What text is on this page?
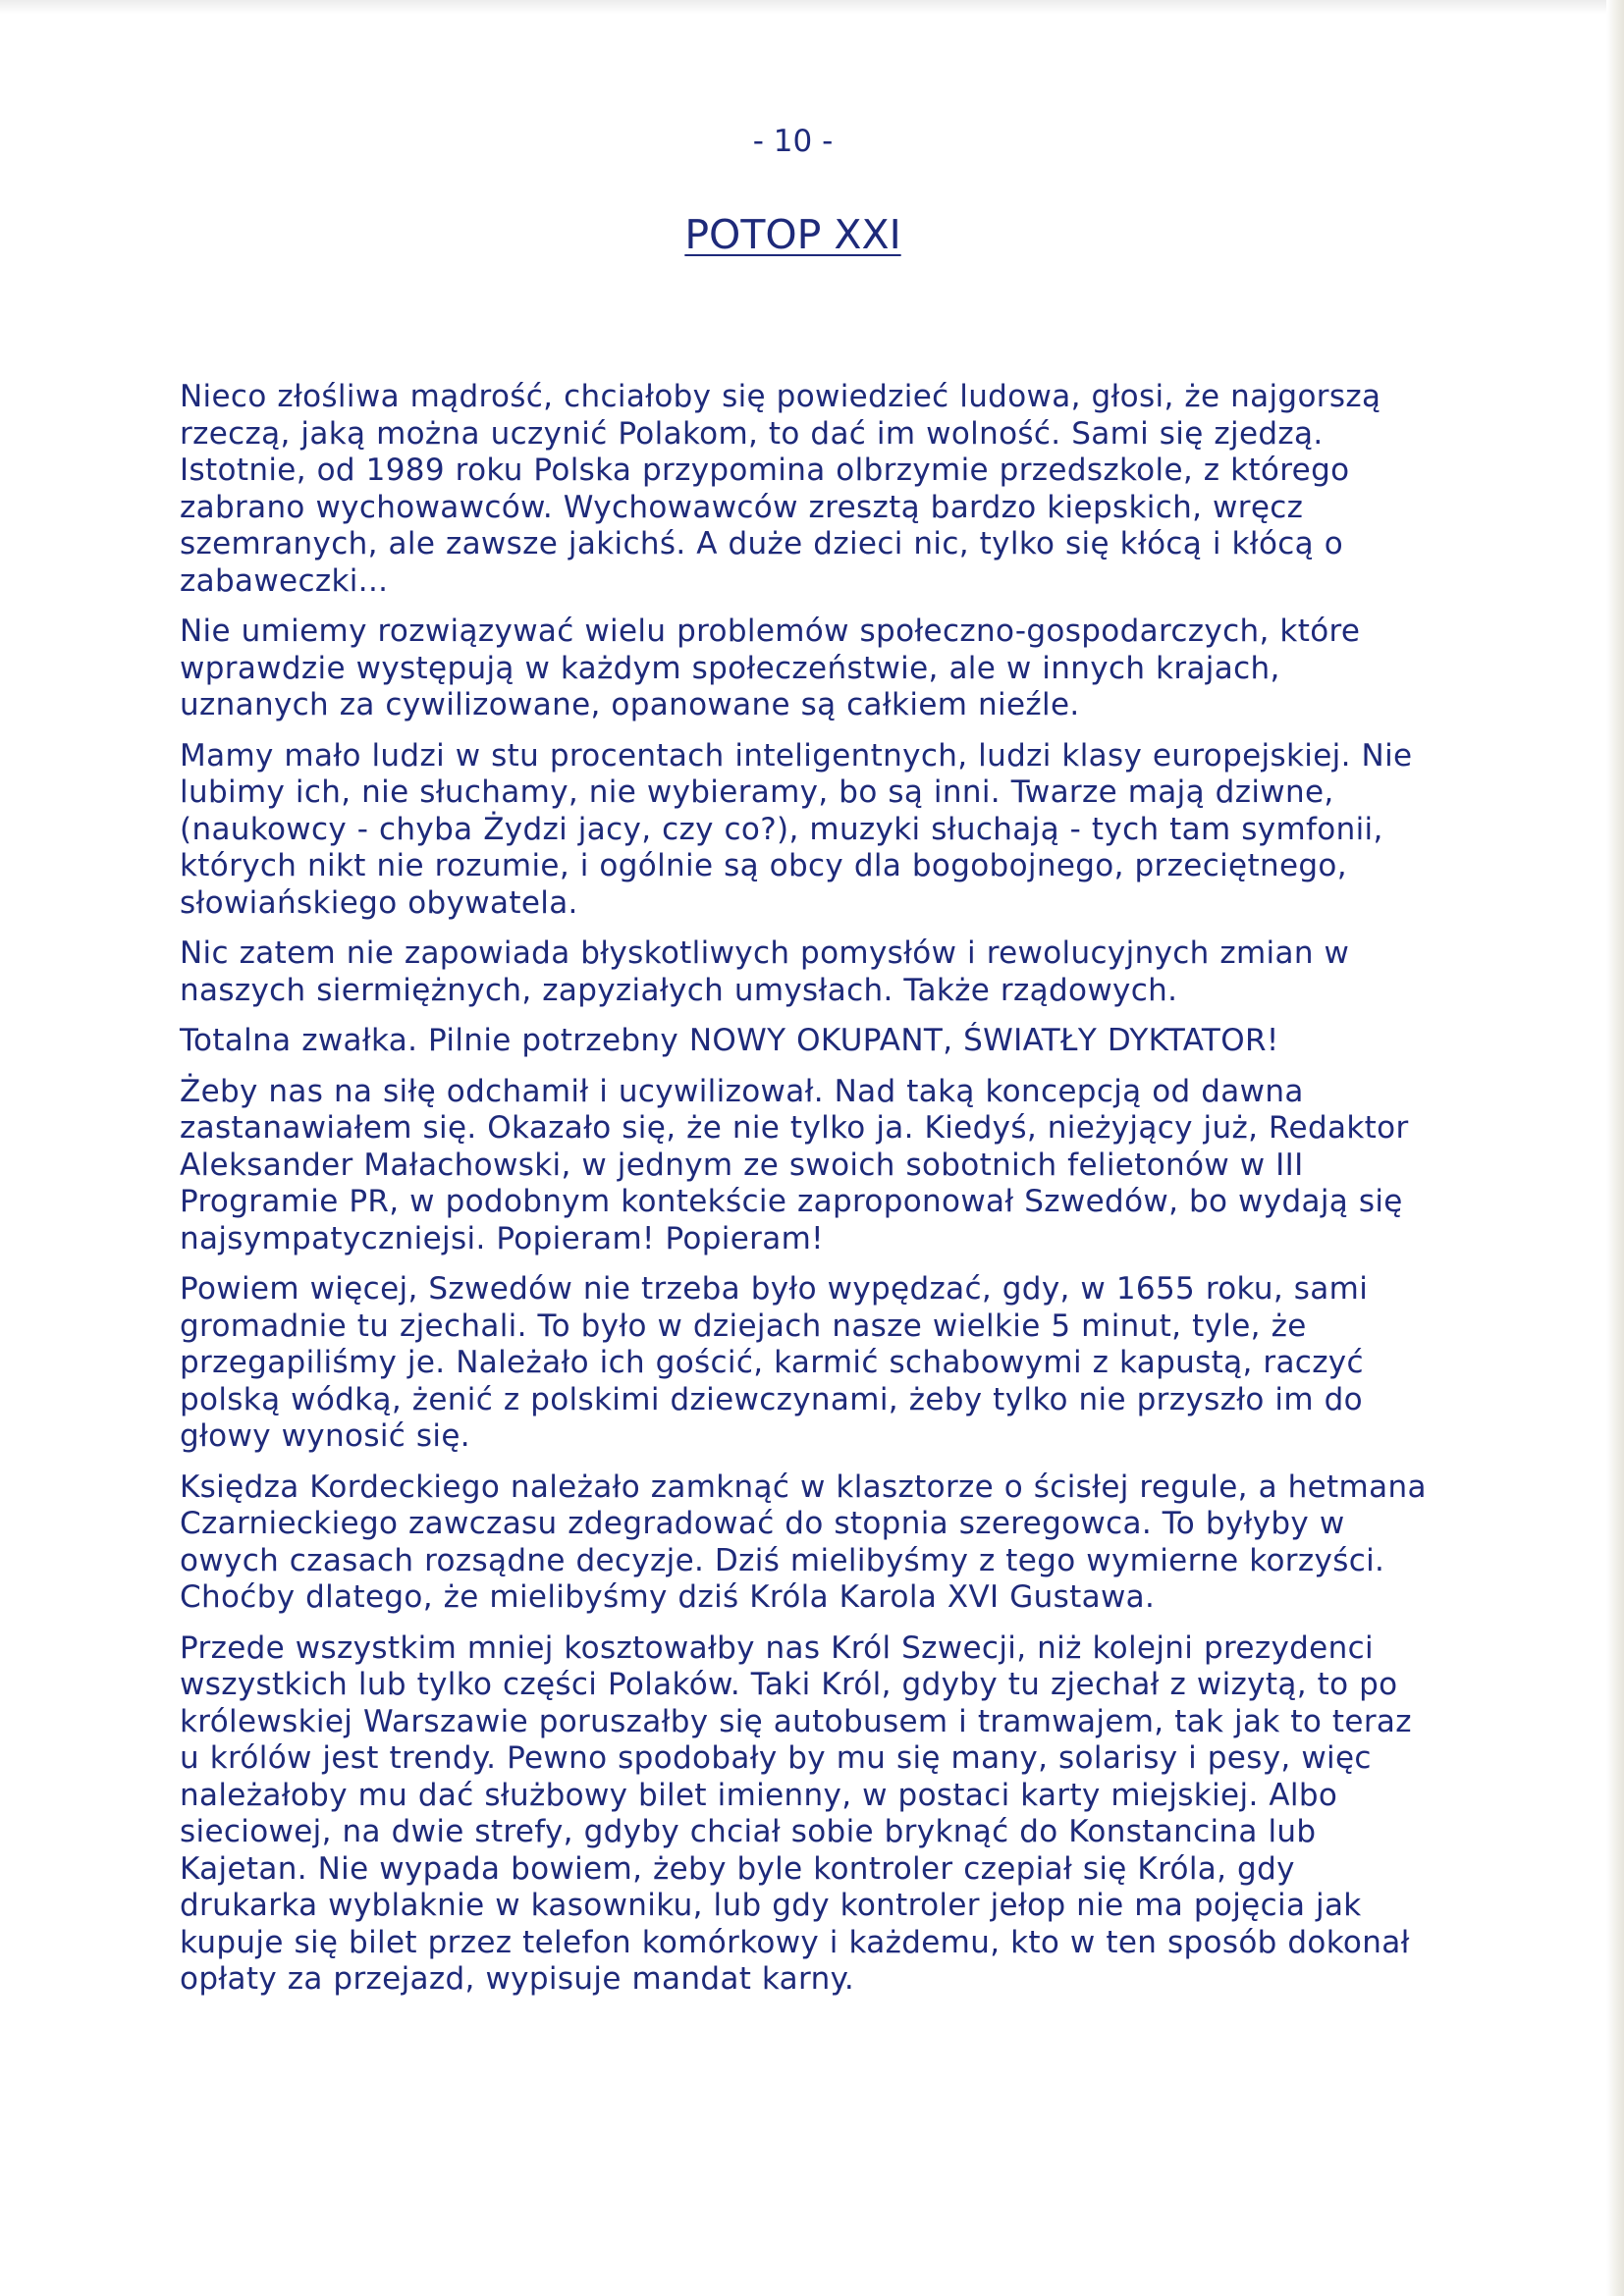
- 10 -
POTOP XXI

Nieco złośliwa mądrość, chciałoby się powiedzieć ludowa, głosi, że najgorszą rzeczą, jaką można uczynić Polakom, to dać im wolność. Sami się zjedzą. Istotnie, od 1989 roku Polska przypomina olbrzymie przedszkole, z którego zabrano wychowawców. Wychowawców zresztą bardzo kiepskich, wręcz szemranych, ale zawsze jakichś. A duże dzieci nic, tylko się kłócą i kłócą o zabaweczki...

Nie umiemy rozwiązywać wielu problemów społeczno-gospodarczych, które wprawdzie występują w każdym społeczeństwie, ale w innych krajach, uznanych za cywilizowane, opanowane są całkiem nieźle.

Mamy mało ludzi w stu procentach inteligentnych, ludzi klasy europejskiej. Nie lubimy ich, nie słuchamy, nie wybieramy, bo są inni. Twarze mają dziwne, (naukowcy - chyba Żydzi jacy, czy co?), muzyki słuchają - tych tam symfonii, których nikt nie rozumie, i ogólnie są obcy dla bogobojnego, przeciętnego, słowiańskiego obywatela.

Nic zatem nie zapowiada błyskotliwych pomysłów i rewolucyjnych zmian w naszych siermiężnych, zapyziałych umysłach. Także rządowych.

Totalna zwałka. Pilnie potrzebny NOWY OKUPANT, ŚWIATŁY DYKTATOR!

Żeby nas na siłę odchamił i ucywilizował. Nad taką koncepcją od dawna zastanawiałem się. Okazało się, że nie tylko ja. Kiedyś, nieżyjący już, Redaktor Aleksander Małachowski, w jednym ze swoich sobotnich felietonów w III Programie PR, w podobnym kontekście zaproponował Szwedów, bo wydają się najsympatyczniejsi. Popieram! Popieram!

Powiem więcej, Szwedów nie trzeba było wypędzać, gdy, w 1655 roku, sami gromadnie tu zjechali. To było w dziejach nasze wielkie 5 minut, tyle, że przegapiliśmy je. Należało ich gościć, karmić schabowymi z kapustą, raczyć polską wódką, żenić z polskimi dziewczynami, żeby tylko nie przyszło im do głowy wynosić się.

Księdza Kordeckiego należało zamknąć w klasztorze o ścisłej regule, a hetmana Czarnieckiego zawczasu zdegradować do stopnia szeregowca. To byłyby w owych czasach rozsądne decyzje. Dziś mielibyśmy z tego wymierne korzyści. Choćby dlatego, że mielibyśmy dziś Króla Karola XVI Gustawa.

Przede wszystkim mniej kosztowałby nas Król Szwecji, niż kolejni prezydenci wszystkich lub tylko części Polaków. Taki Król, gdyby tu zjechał z wizytą, to po królewskiej Warszawie poruszałby się autobusem i tramwajem, tak jak to teraz u królów jest trendy. Pewno spodobały by mu się many, solarisy i pesy, więc należałoby mu dać służbowy bilet imienny, w postaci karty miejskiej. Albo sieciowej, na dwie strefy, gdyby chciał sobie bryknąć do Konstancina lub Kajetan. Nie wypada bowiem, żeby byle kontroler czepiał się Króla, gdy drukarka wyblaknie w kasowniku, lub gdy kontroler jełop nie ma pojęcia jak kupuje się bilet przez telefon komórkowy i każdemu, kto w ten sposób dokonał opłaty za przejazd, wypisuje mandat karny.
